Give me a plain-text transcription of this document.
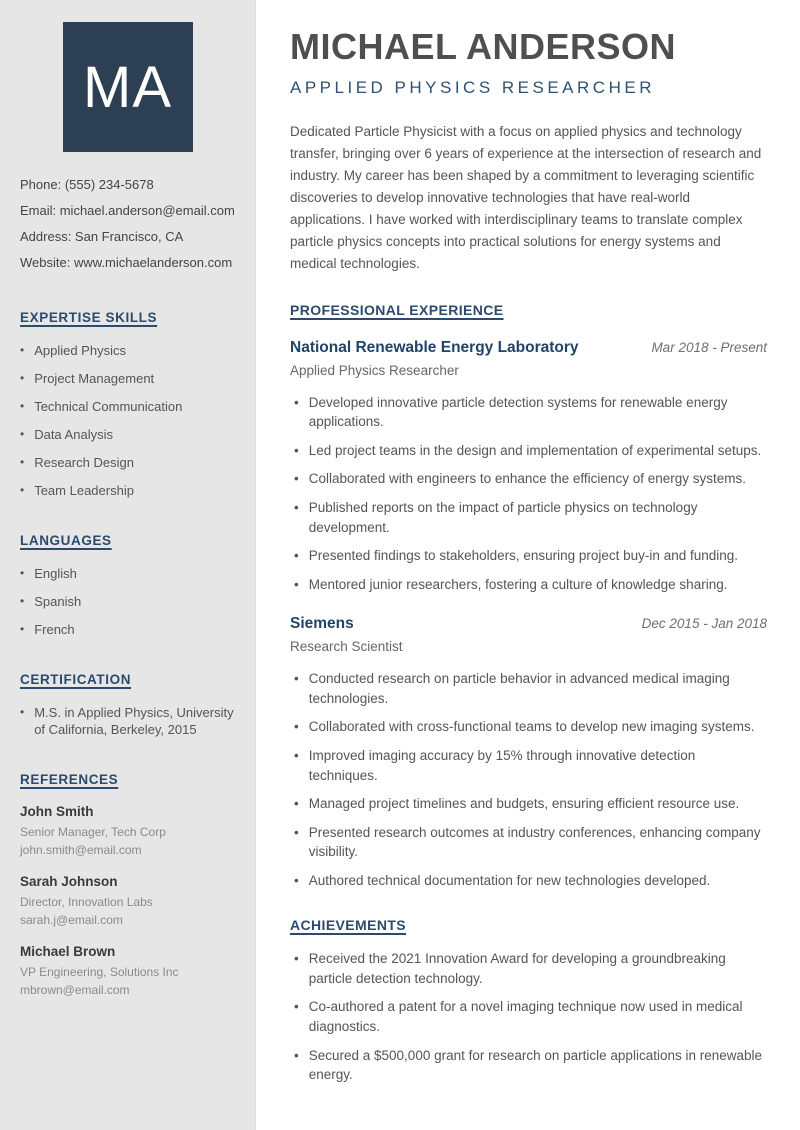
MA
Phone: (555) 234-5678
Email: michael.anderson@email.com
Address: San Francisco, CA
Website: www.michaelanderson.com
EXPERTISE SKILLS
• Applied Physics
• Project Management
• Technical Communication
• Data Analysis
• Research Design
• Team Leadership
LANGUAGES
• English
• Spanish
• French
CERTIFICATION
• M.S. in Applied Physics, University of California, Berkeley, 2015
REFERENCES
John Smith
Senior Manager, Tech Corp
john.smith@email.com
Sarah Johnson
Director, Innovation Labs
sarah.j@email.com
Michael Brown
VP Engineering, Solutions Inc
mbrown@email.com
MICHAEL ANDERSON
APPLIED PHYSICS RESEARCHER

Dedicated Particle Physicist with a focus on applied physics and technology transfer, bringing over 6 years of experience at the intersection of research and industry. My career has been shaped by a commitment to leveraging scientific discoveries to develop innovative technologies that have real-world applications. I have worked with interdisciplinary teams to translate complex particle physics concepts into practical solutions for energy systems and medical technologies.

PROFESSIONAL EXPERIENCE
National Renewable Energy Laboratory	Mar 2018 - Present
Applied Physics Researcher
• Developed innovative particle detection systems for renewable energy applications.
• Led project teams in the design and implementation of experimental setups.
• Collaborated with engineers to enhance the efficiency of energy systems.
• Published reports on the impact of particle physics on technology development.
• Presented findings to stakeholders, ensuring project buy-in and funding.
• Mentored junior researchers, fostering a culture of knowledge sharing.
Siemens	Dec 2015 - Jan 2018
Research Scientist
• Conducted research on particle behavior in advanced medical imaging technologies.
• Collaborated with cross-functional teams to develop new imaging systems.
• Improved imaging accuracy by 15% through innovative detection techniques.
• Managed project timelines and budgets, ensuring efficient resource use.
• Presented research outcomes at industry conferences, enhancing company visibility.
• Authored technical documentation for new technologies developed.
ACHIEVEMENTS
• Received the 2021 Innovation Award for developing a groundbreaking particle detection technology.
• Co-authored a patent for a novel imaging technique now used in medical diagnostics.
• Secured a $500,000 grant for research on particle applications in renewable energy.
